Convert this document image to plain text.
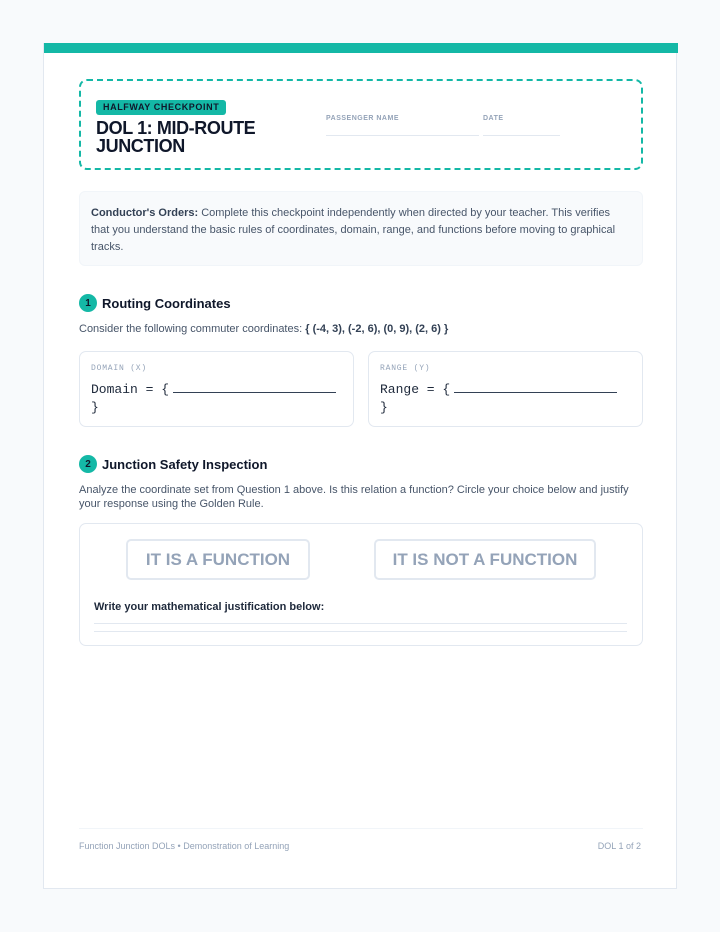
HALFWAY CHECKPOINT
DOL 1: MID-ROUTE JUNCTION
PASSENGER NAME	DATE
Conductor's Orders: Complete this checkpoint independently when directed by your teacher. This verifies that you understand the basic rules of coordinates, domain, range, and functions before moving to graphical tracks.
1 Routing Coordinates
Consider the following commuter coordinates: { (-4, 3), (-2, 6), (0, 9), (2, 6) }
DOMAIN (X)
Domain = {
}
RANGE (Y)
Range = {
}
2 Junction Safety Inspection
Analyze the coordinate set from Question 1 above. Is this relation a function? Circle your choice below and justify your response using the Golden Rule.
IT IS A FUNCTION	IT IS NOT A FUNCTION
Write your mathematical justification below:
Function Junction DOLs • Demonstration of Learning	DOL 1 of 2
